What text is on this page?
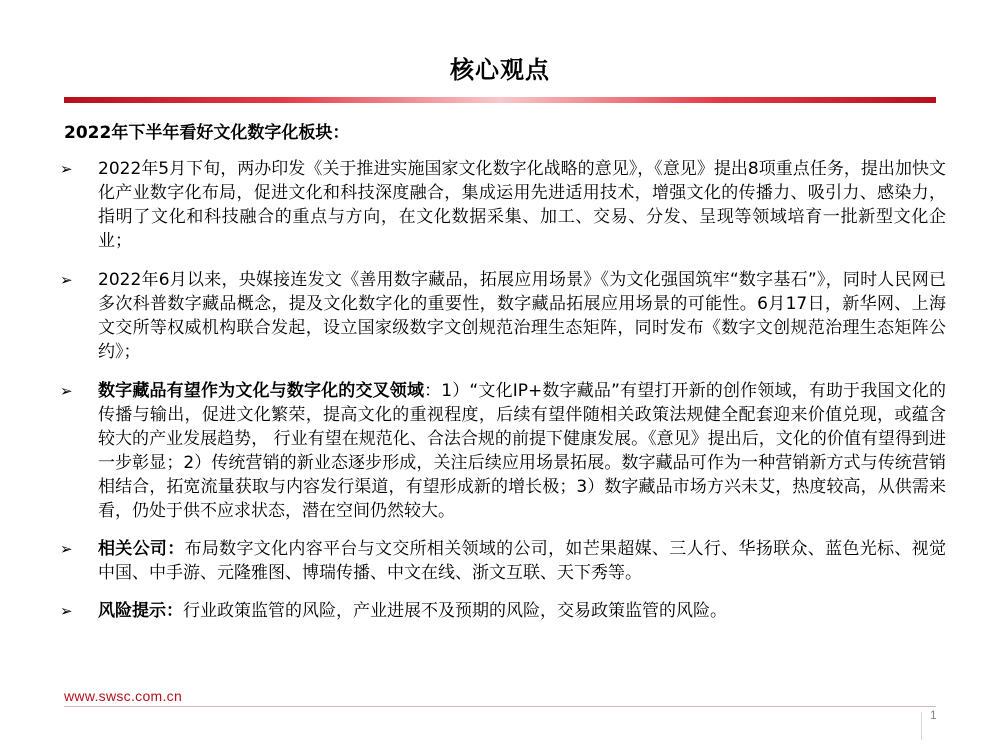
核心观点
2022年下半年看好文化数字化板块：
➢	2022年5月下旬，两办印发《关于推进实施国家文化数字化战略的意见》，《意见》提出8项重点任务，提出加快文化产业数字化布局，促进文化和科技深度融合，集成运用先进适用技术，增强文化的传播力、吸引力、感染力，指明了文化和科技融合的重点与方向，在文化数据采集、加工、交易、分发、呈现等领域培育一批新型文化企业；
➢	2022年6月以来，央媒接连发文《善用数字藏品，拓展应用场景》《为文化强国筑牢“数字基石”》，同时人民网已多次科普数字藏品概念，提及文化数字化的重要性，数字藏品拓展应用场景的可能性。6月17日，新华网、上海文交所等权威机构联合发起，设立国家级数字文创规范治理生态矩阵，同时发布《数字文创规范治理生态矩阵公约》；
➢	数字藏品有望作为文化与数字化的交叉领域：1）“文化IP+数字藏品”有望打开新的创作领域，有助于我国文化的传播与输出，促进文化繁荣，提高文化的重视程度，后续有望伴随相关政策法规健全配套迎来价值兑现，或蕴含较大的产业发展趋势， 行业有望在规范化、合法合规的前提下健康发展。《意见》提出后，文化的价值有望得到进一步彰显；2）传统营销的新业态逐步形成，关注后续应用场景拓展。数字藏品可作为一种营销新方式与传统营销相结合，拓宽流量获取与内容发行渠道，有望形成新的增长极；3）数字藏品市场方兴未艾，热度较高，从供需来看，仍处于供不应求状态，潜在空间仍然较大。
➢	相关公司：布局数字文化内容平台与文交所相关领域的公司，如芒果超媒、三人行、华扬联众、蓝色光标、视觉中国、中手游、元隆雅图、博瑞传播、中文在线、浙文互联、天下秀等。
➢	风险提示：行业政策监管的风险，产业进展不及预期的风险，交易政策监管的风险。
www.swsc.com.cn
1
